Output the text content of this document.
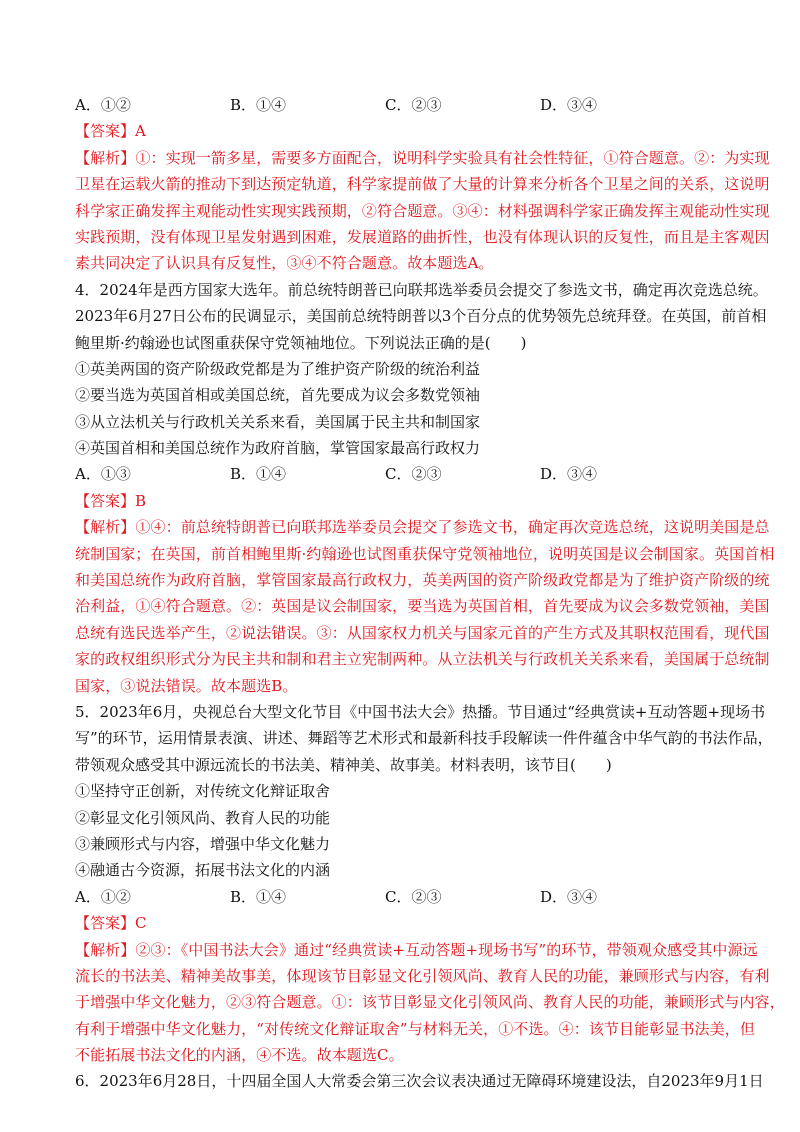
A．①②	B．①④	C．②③	D．③④
【答案】A
【解析】①：实现一箭多星，需要多方面配合，说明科学实验具有社会性特征，①符合题意。②：为实现
卫星在运载火箭的推动下到达预定轨道，科学家提前做了大量的计算来分析各个卫星之间的关系，这说明
科学家正确发挥主观能动性实现实践预期，②符合题意。③④：材料强调科学家正确发挥主观能动性实现
实践预期，没有体现卫星发射遇到困难，发展道路的曲折性，也没有体现认识的反复性，而且是主客观因
素共同决定了认识具有反复性，③④不符合题意。故本题选A。
4．2024年是西方国家大选年。前总统特朗普已向联邦选举委员会提交了参选文书，确定再次竞选总统。
2023年6月27日公布的民调显示，美国前总统特朗普以3个百分点的优势领先总统拜登。在英国，前首相
鲍里斯·约翰逊也试图重获保守党领袖地位。下列说法正确的是(　　)
①英美两国的资产阶级政党都是为了维护资产阶级的统治利益
②要当选为英国首相或美国总统，首先要成为议会多数党领袖
③从立法机关与行政机关关系来看，美国属于民主共和制国家
④英国首相和美国总统作为政府首脑，掌管国家最高行政权力
A．①③	B．①④	C．②③	D．③④
【答案】B
【解析】①④：前总统特朗普已向联邦选举委员会提交了参选文书，确定再次竞选总统，这说明美国是总
统制国家；在英国，前首相鲍里斯·约翰逊也试图重获保守党领袖地位，说明英国是议会制国家。英国首相
和美国总统作为政府首脑，掌管国家最高行政权力，英美两国的资产阶级政党都是为了维护资产阶级的统
治利益，①④符合题意。②：英国是议会制国家，要当选为英国首相，首先要成为议会多数党领袖，美国
总统有选民选举产生，②说法错误。③：从国家权力机关与国家元首的产生方式及其职权范围看，现代国
家的政权组织形式分为民主共和制和君主立宪制两种。从立法机关与行政机关关系来看，美国属于总统制
国家，③说法错误。故本题选B。
5．2023年6月，央视总台大型文化节目《中国书法大会》热播。节目通过“经典赏读+互动答题+现场书
写”的环节，运用情景表演、讲述、舞蹈等艺术形式和最新科技手段解读一件件蕴含中华气韵的书法作品，
带领观众感受其中源远流长的书法美、精神美、故事美。材料表明，该节目(　　)
①坚持守正创新，对传统文化辩证取舍
②彰显文化引领风尚、教育人民的功能
③兼顾形式与内容，增强中华文化魅力
④融通古今资源，拓展书法文化的内涵
A．①②	B．①④	C．②③	D．③④
【答案】C
【解析】②③：《中国书法大会》通过“经典赏读+互动答题+现场书写”的环节，带领观众感受其中源远
流长的书法美、精神美故事美，体现该节目彰显文化引领风尚、教育人民的功能，兼顾形式与内容，有利
于增强中华文化魅力，②③符合题意。①：该节目彰显文化引领风尚、教育人民的功能，兼顾形式与内容，
有利于增强中华文化魅力，“对传统文化辩证取舍”与材料无关，①不选。④：该节目能彰显书法美，但
不能拓展书法文化的内涵，④不选。故本题选C。
6．2023年6月28日，十四届全国人大常委会第三次会议表决通过无障碍环境建设法，自2023年9月1日
